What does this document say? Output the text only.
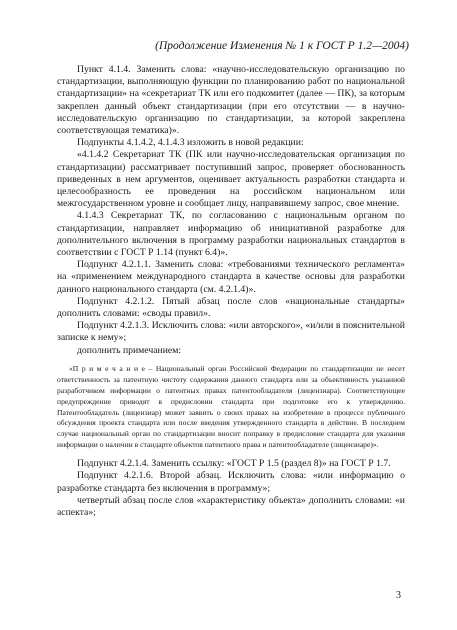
(Продолжение Изменения № 1 к ГОСТ Р 1.2—2004)

Пункт 4.1.4. Заменить слова: «научно-исследовательскую организацию по стандартизации, выполняющую функции по планированию работ по национальной стандартизации» на «секретариат ТК или его подкомитет (далее — ПК), за которым закреплен данный объект стандартизации (при его отсутствии — в научно-исследовательскую организацию по стандартизации, за которой закреплена соответствующая тематика)».

Подпункты 4.1.4.2, 4.1.4.3 изложить в новой редакции:

«4.1.4.2 Секретариат ТК (ПК или научно-исследовательская организация по стандартизации) рассматривает поступивший запрос, проверяет обоснованность приведенных в нем аргументов, оценивает актуальность разработки стандарта и целесообразность ее проведения на российском национальном или межгосударственном уровне и сообщает лицу, направившему запрос, свое мнение.

4.1.4.3 Секретариат ТК, по согласованию с национальным органом по стандартизации, направляет информацию об инициативной разработке для дополнительного включения в программу разработки национальных стандартов в соответствии с ГОСТ Р 1.14 (пункт 6.4)».

Подпункт 4.2.1.1. Заменить слова: «требованиями технического регламента» на «применением международного стандарта в качестве основы для разработки данного национального стандарта (см. 4.2.1.4)».

Подпункт 4.2.1.2. Пятый абзац после слов «национальные стандарты» дополнить словами: «своды правил».

Подпункт 4.2.1.3. Исключить слова: «или авторского», «и/или в пояснительной записке к нему»;

дополнить примечанием:

«П р и м е ч а н и е – Национальный орган Российской Федерации по стандартизации не несет ответственность за патентную чистоту содержания данного стандарта или за объективность указанной разработчиком информации о патентных правах патентообладателя (лицензиара). Соответствующее предупреждение приводят в предисловии стандарта при подготовке его к утверждению. Патентообладатель (лицензиар) может заявить о своих правах на изобретение в процессе публичного обсуждения проекта стандарта или после введения утвержденного стандарта в действие. В последнем случае национальный орган по стандартизации вносит поправку в предисловие стандарта для указания информации о наличии в стандарте объектов патентного права и патентообладателе (лицензиаре)».

Подпункт 4.2.1.4. Заменить ссылку: «ГОСТ Р 1.5 (раздел 8)» на ГОСТ Р 1.7.

Подпункт 4.2.1.6. Второй абзац. Исключить слова: «или информацию о разработке стандарта без включения в программу»;

четвертый абзац после слов «характеристику объекта» дополнить словами: «и аспекта»;

3
